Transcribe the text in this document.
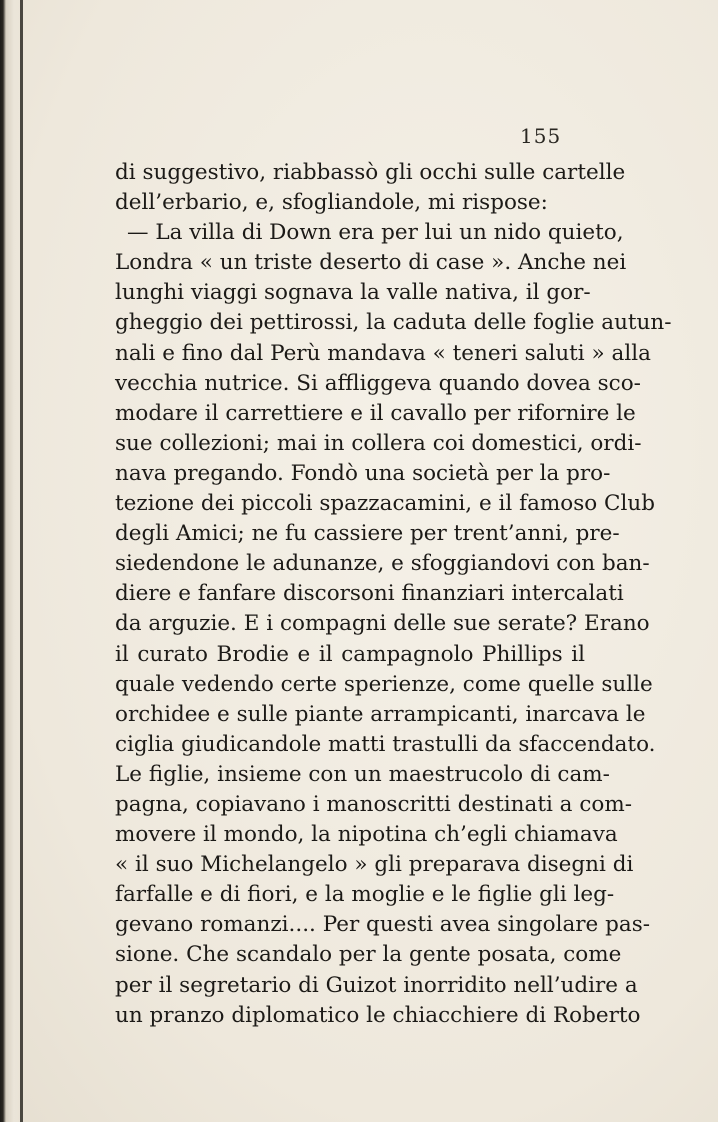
155
di suggestivo, riabbassò gli occhi sulle cartelle
dell’erbario, e, sfogliandole, mi rispose:
— La villa di Down era per lui un nido quieto,
Londra « un triste deserto di case ». Anche nei
lunghi viaggi sognava la valle nativa, il gor-
gheggio dei pettirossi, la caduta delle foglie autun-
nali e fino dal Perù mandava « teneri saluti » alla
vecchia nutrice. Si affliggeva quando dovea sco-
modare il carrettiere e il cavallo per rifornire le
sue collezioni; mai in collera coi domestici, ordi-
nava pregando. Fondò una società per la pro-
tezione dei piccoli spazzacamini, e il famoso Club
degli Amici; ne fu cassiere per trent’anni, pre-
siedendone le adunanze, e sfoggiandovi con ban-
diere e fanfare discorsoni finanziari intercalati
da arguzie. E i compagni delle sue serate? Erano
il curato Brodie e il campagnolo Phillips il
quale vedendo certe sperienze, come quelle sulle
orchidee e sulle piante arrampicanti, inarcava le
ciglia giudicandole matti trastulli da sfaccendato.
Le figlie, insieme con un maestrucolo di cam-
pagna, copiavano i manoscritti destinati a com-
movere il mondo, la nipotina ch’egli chiamava
« il suo Michelangelo » gli preparava disegni di
farfalle e di fiori, e la moglie e le figlie gli leg-
gevano romanzi.... Per questi avea singolare pas-
sione. Che scandalo per la gente posata, come
per il segretario di Guizot inorridito nell’udire a
un pranzo diplomatico le chiacchiere di Roberto
